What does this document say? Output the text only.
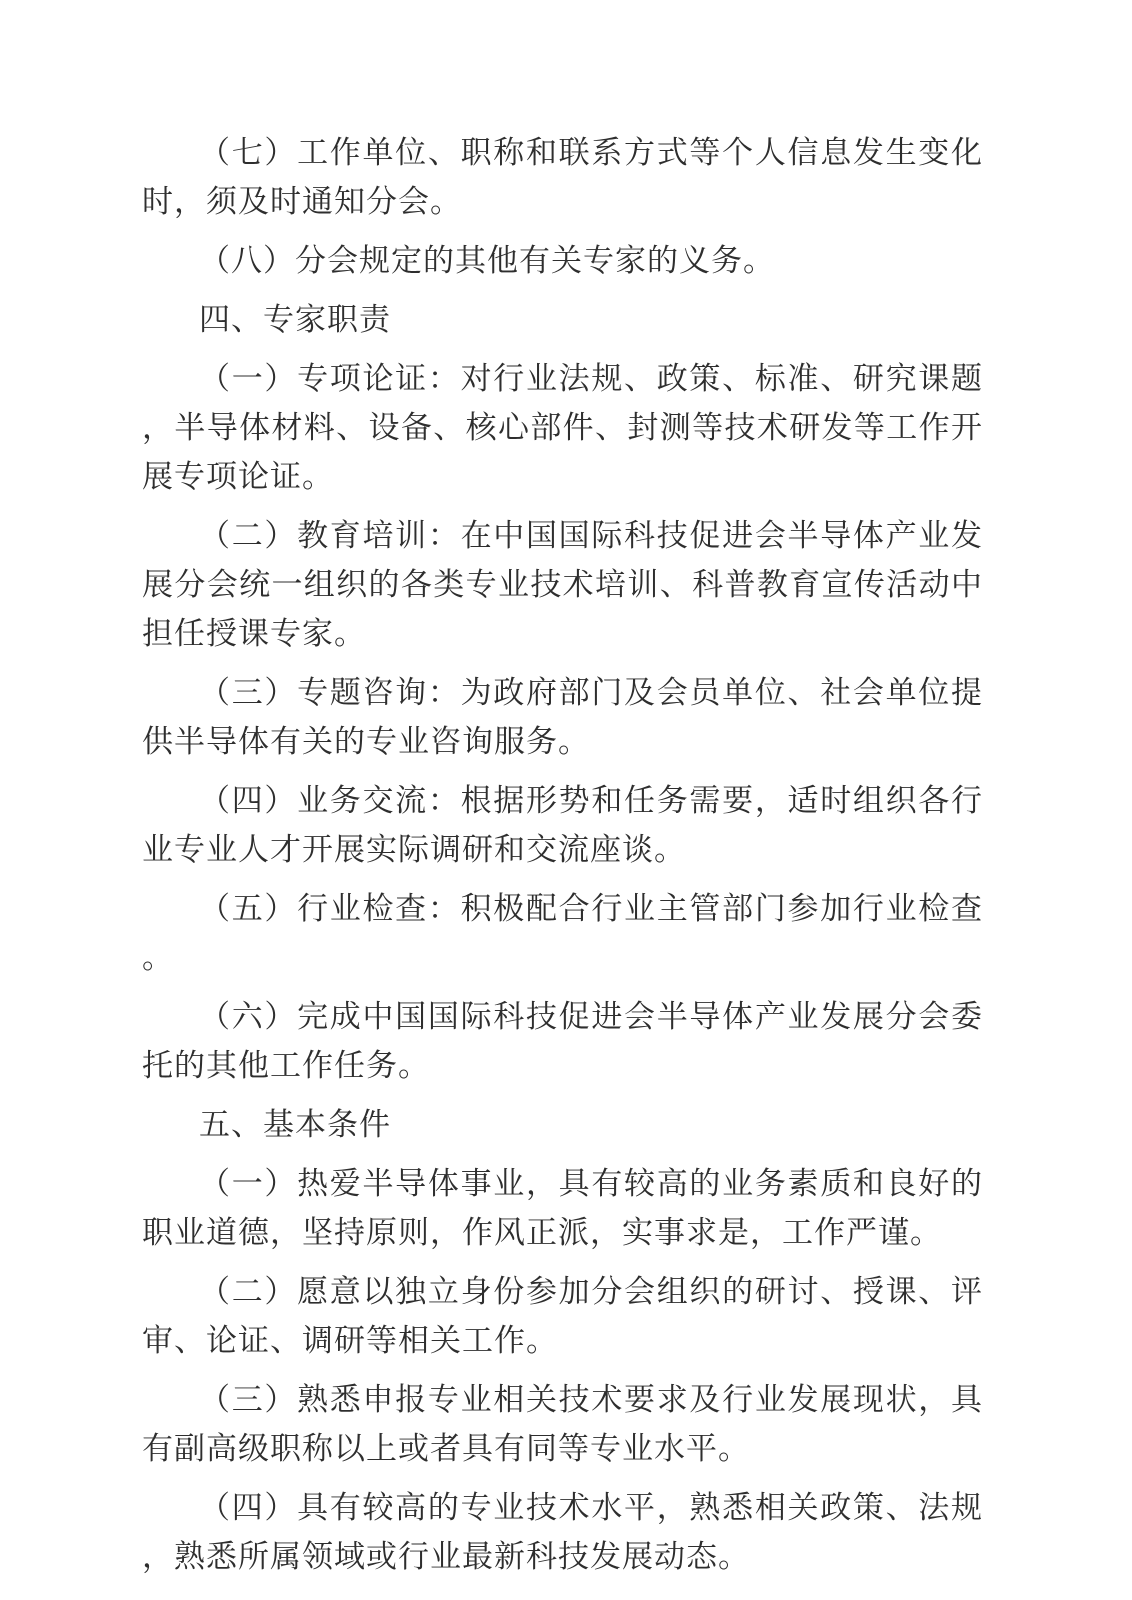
（七）工作单位、职称和联系方式等个人信息发生变化时，须及时通知分会。

（八）分会规定的其他有关专家的义务。

四、专家职责

（一）专项论证：对行业法规、政策、标准、研究课题，半导体材料、设备、核心部件、封测等技术研发等工作开展专项论证。

（二）教育培训：在中国国际科技促进会半导体产业发展分会统一组织的各类专业技术培训、科普教育宣传活动中担任授课专家。

（三）专题咨询：为政府部门及会员单位、社会单位提供半导体有关的专业咨询服务。

（四）业务交流：根据形势和任务需要，适时组织各行业专业人才开展实际调研和交流座谈。

（五）行业检查：积极配合行业主管部门参加行业检查。

（六）完成中国国际科技促进会半导体产业发展分会委托的其他工作任务。

五、基本条件

（一）热爱半导体事业，具有较高的业务素质和良好的职业道德，坚持原则，作风正派，实事求是，工作严谨。

（二）愿意以独立身份参加分会组织的研讨、授课、评审、论证、调研等相关工作。

（三）熟悉申报专业相关技术要求及行业发展现状，具有副高级职称以上或者具有同等专业水平。

（四）具有较高的专业技术水平，熟悉相关政策、法规，熟悉所属领域或行业最新科技发展动态。
